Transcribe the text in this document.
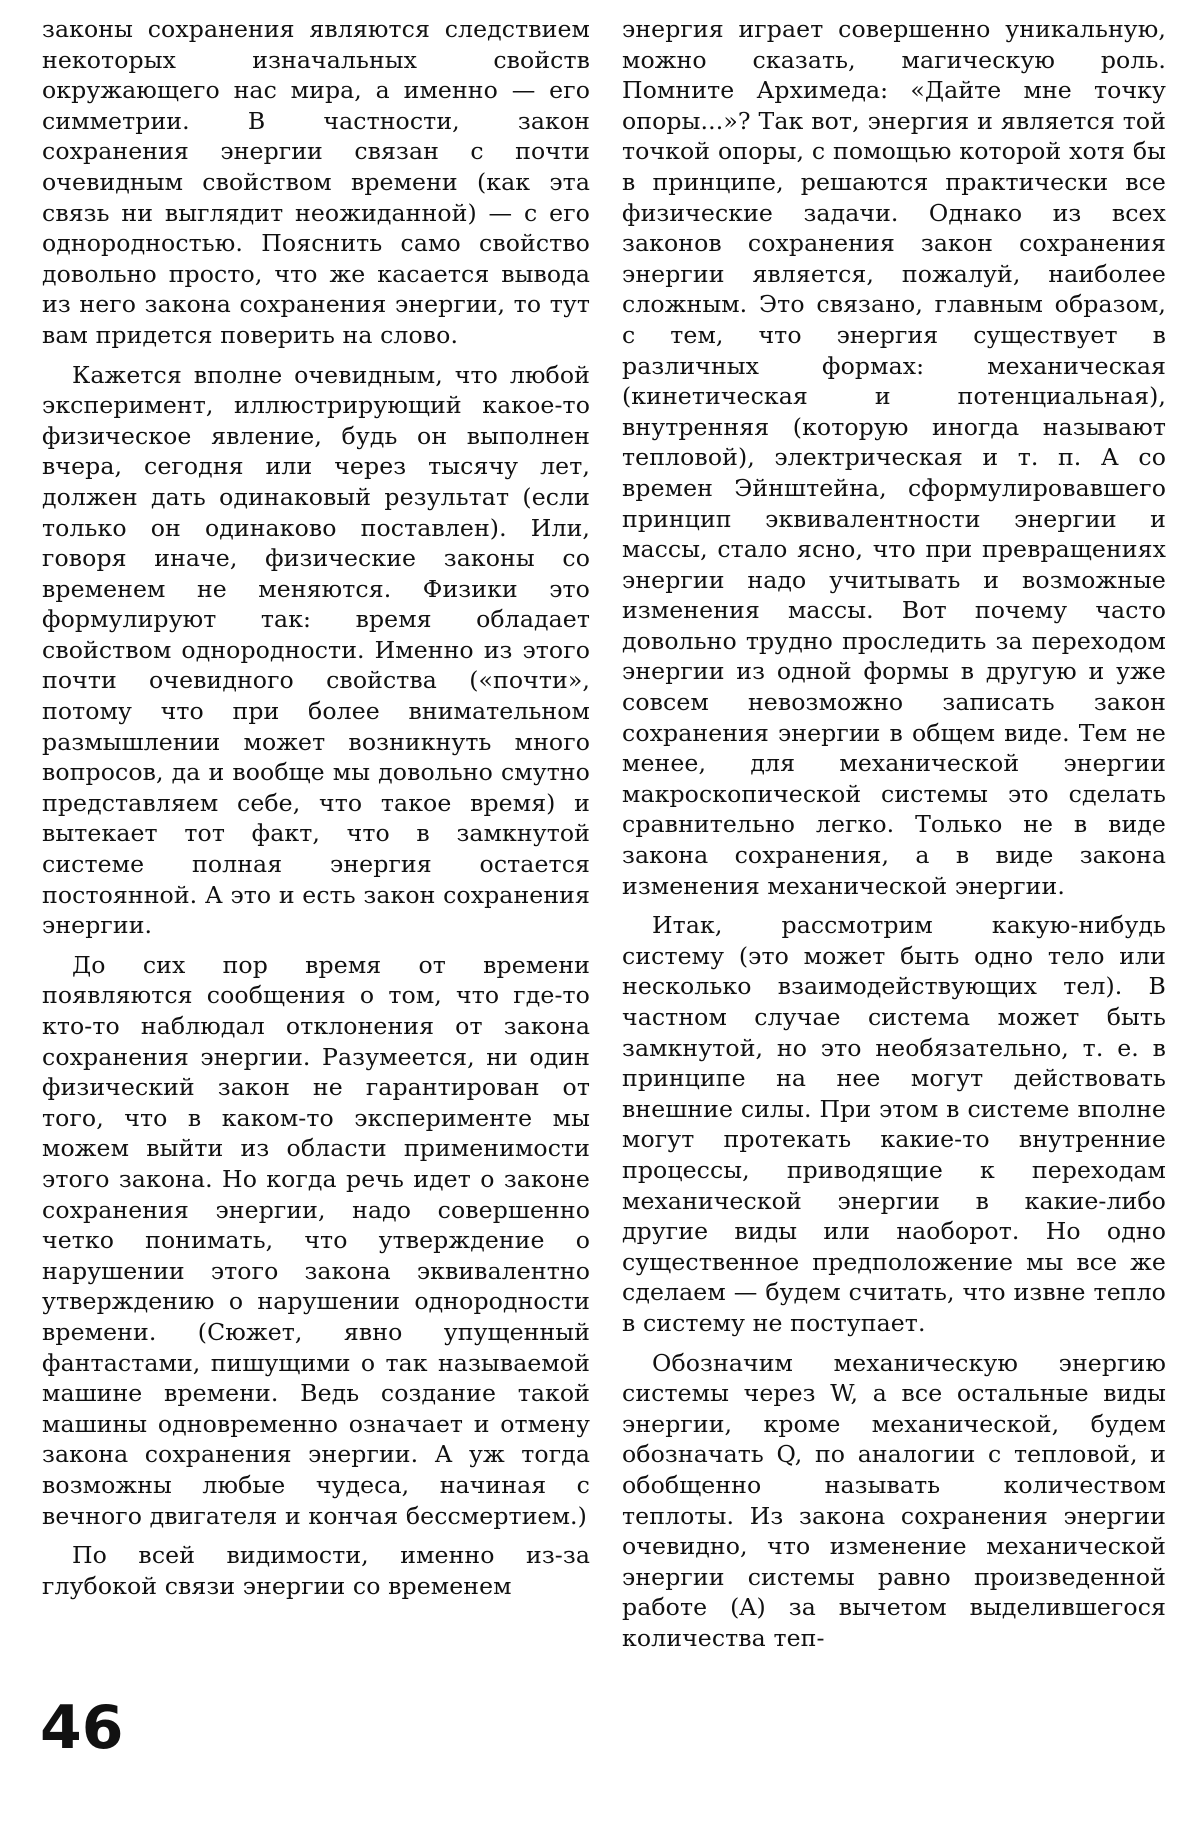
законы сохранения являются следствием некоторых изначальных свойств окружающего нас мира, а именно — его симметрии. В частности, закон сохранения энергии связан с почти очевидным свойством времени (как эта связь ни выглядит неожиданной) — с его однородностью. Пояснить само свойство довольно просто, что же касается вывода из него закона сохранения энергии, то тут вам придется поверить на слово.

Кажется вполне очевидным, что любой эксперимент, иллюстрирующий какое-то физическое явление, будь он выполнен вчера, сегодня или через тысячу лет, должен дать одинаковый результат (если только он одинаково поставлен). Или, говоря иначе, физические законы со временем не меняются. Физики это формулируют так: время обладает свойством однородности. Именно из этого почти очевидного свойства («почти», потому что при более внимательном размышлении может возникнуть много вопросов, да и вообще мы довольно смутно представляем себе, что такое время) и вытекает тот факт, что в замкнутой системе полная энергия остается постоянной. А это и есть закон сохранения энергии.

До сих пор время от времени появляются сообщения о том, что где-то кто-то наблюдал отклонения от закона сохранения энергии. Разумеется, ни один физический закон не гарантирован от того, что в каком-то эксперименте мы можем выйти из области применимости этого закона. Но когда речь идет о законе сохранения энергии, надо совершенно четко понимать, что утверждение о нарушении этого закона эквивалентно утверждению о нарушении однородности времени. (Сюжет, явно упущенный фантастами, пишущими о так называемой машине времени. Ведь создание такой машины одновременно означает и отмену закона сохранения энергии. А уж тогда возможны любые чудеса, начиная с вечного двигателя и кончая бессмертием.)

По всей видимости, именно из-за глубокой связи энергии со временем

энергия играет совершенно уникальную, можно сказать, магическую роль. Помните Архимеда: «Дайте мне точку опоры...»? Так вот, энергия и является той точкой опоры, с помощью которой хотя бы в принципе, решаются практически все физические задачи. Однако из всех законов сохранения закон сохранения энергии является, пожалуй, наиболее сложным. Это связано, главным образом, с тем, что энергия существует в различных формах: механическая (кинетическая и потенциальная), внутренняя (которую иногда называют тепловой), электрическая и т. п. А со времен Эйнштейна, сформулировавшего принцип эквивалентности энергии и массы, стало ясно, что при превращениях энергии надо учитывать и возможные изменения массы. Вот почему часто довольно трудно проследить за переходом энергии из одной формы в другую и уже совсем невозможно записать закон сохранения энергии в общем виде. Тем не менее, для механической энергии макроскопической системы это сделать сравнительно легко. Только не в виде закона сохранения, а в виде закона изменения механической энергии.

Итак, рассмотрим какую-нибудь систему (это может быть одно тело или несколько взаимодействующих тел). В частном случае система может быть замкнутой, но это необязательно, т. е. в принципе на нее могут действовать внешние силы. При этом в системе вполне могут протекать какие-то внутренние процессы, приводящие к переходам механической энергии в какие-либо другие виды или наоборот. Но одно существенное предположение мы все же сделаем — будем считать, что извне тепло в систему не поступает.

Обозначим механическую энергию системы через W, а все остальные виды энергии, кроме механической, будем обозначать Q, по аналогии с тепловой, и обобщенно называть количеством теплоты. Из закона сохранения энергии очевидно, что изменение механической энергии системы равно произведенной работе (A) за вычетом выделившегося количества теп-

46
